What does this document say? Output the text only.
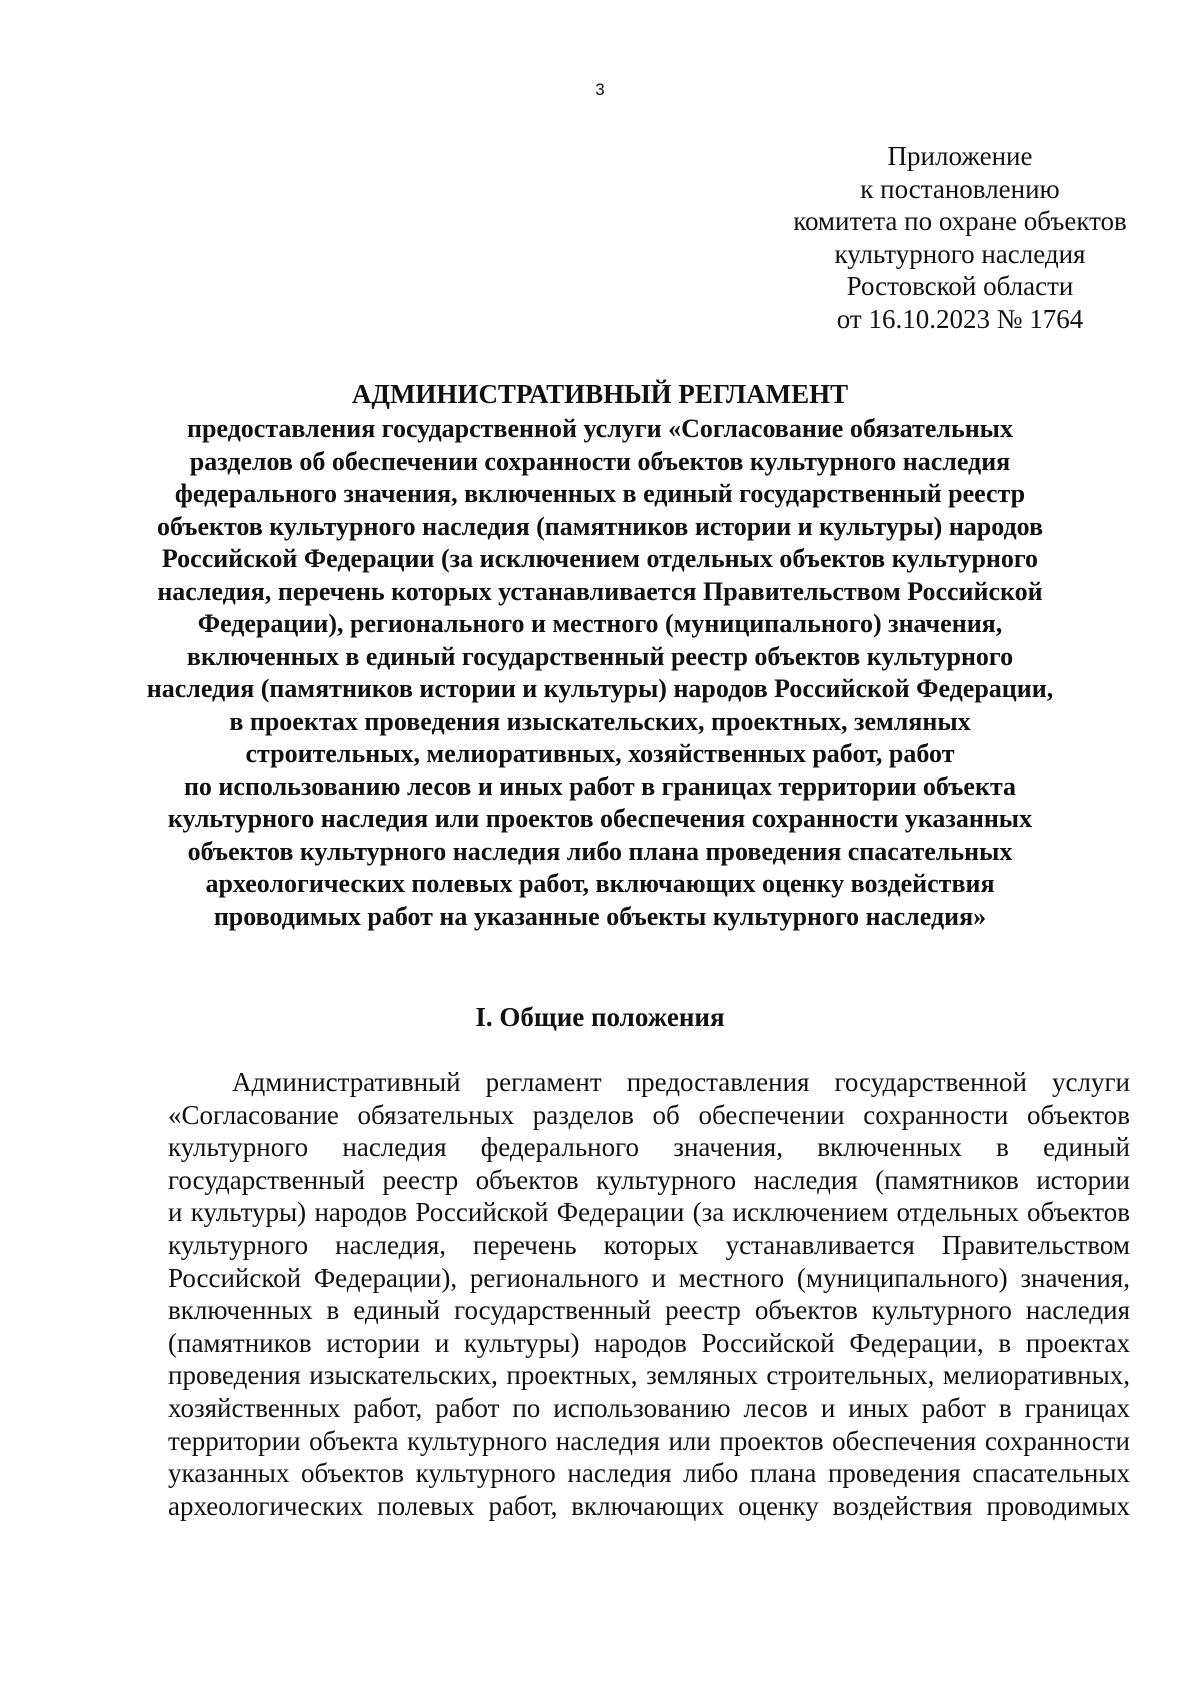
3
Приложение
к постановлению
комитета по охране объектов
культурного наследия
Ростовской области
от 16.10.2023 № 1764
АДМИНИСТРАТИВНЫЙ РЕГЛАМЕНТ
предоставления государственной услуги «Согласование обязательных
разделов об обеспечении сохранности объектов культурного наследия
федерального значения, включенных в единый государственный реестр
объектов культурного наследия (памятников истории и культуры) народов
Российской Федерации (за исключением отдельных объектов культурного
наследия, перечень которых устанавливается Правительством Российской
Федерации), регионального и местного (муниципального) значения,
включенных в единый государственный реестр объектов культурного
наследия (памятников истории и культуры) народов Российской Федерации,
в проектах проведения изыскательских, проектных, земляных
строительных, мелиоративных, хозяйственных работ, работ
по использованию лесов и иных работ в границах территории объекта
культурного наследия или проектов обеспечения сохранности указанных
объектов культурного наследия либо плана проведения спасательных
археологических полевых работ, включающих оценку воздействия
проводимых работ на указанные объекты культурного наследия»
I. Общие положения
Административный регламент предоставления государственной услуги
«Согласование обязательных разделов об обеспечении сохранности объектов
культурного наследия федерального значения, включенных в единый
государственный реестр объектов культурного наследия (памятников истории
и культуры) народов Российской Федерации (за исключением отдельных объектов
культурного наследия, перечень которых устанавливается Правительством
Российской Федерации), регионального и местного (муниципального) значения,
включенных в единый государственный реестр объектов культурного наследия
(памятников истории и культуры) народов Российской Федерации, в проектах
проведения изыскательских, проектных, земляных строительных, мелиоративных,
хозяйственных работ, работ по использованию лесов и иных работ в границах
территории объекта культурного наследия или проектов обеспечения сохранности
указанных объектов культурного наследия либо плана проведения спасательных
археологических полевых работ, включающих оценку воздействия проводимых
